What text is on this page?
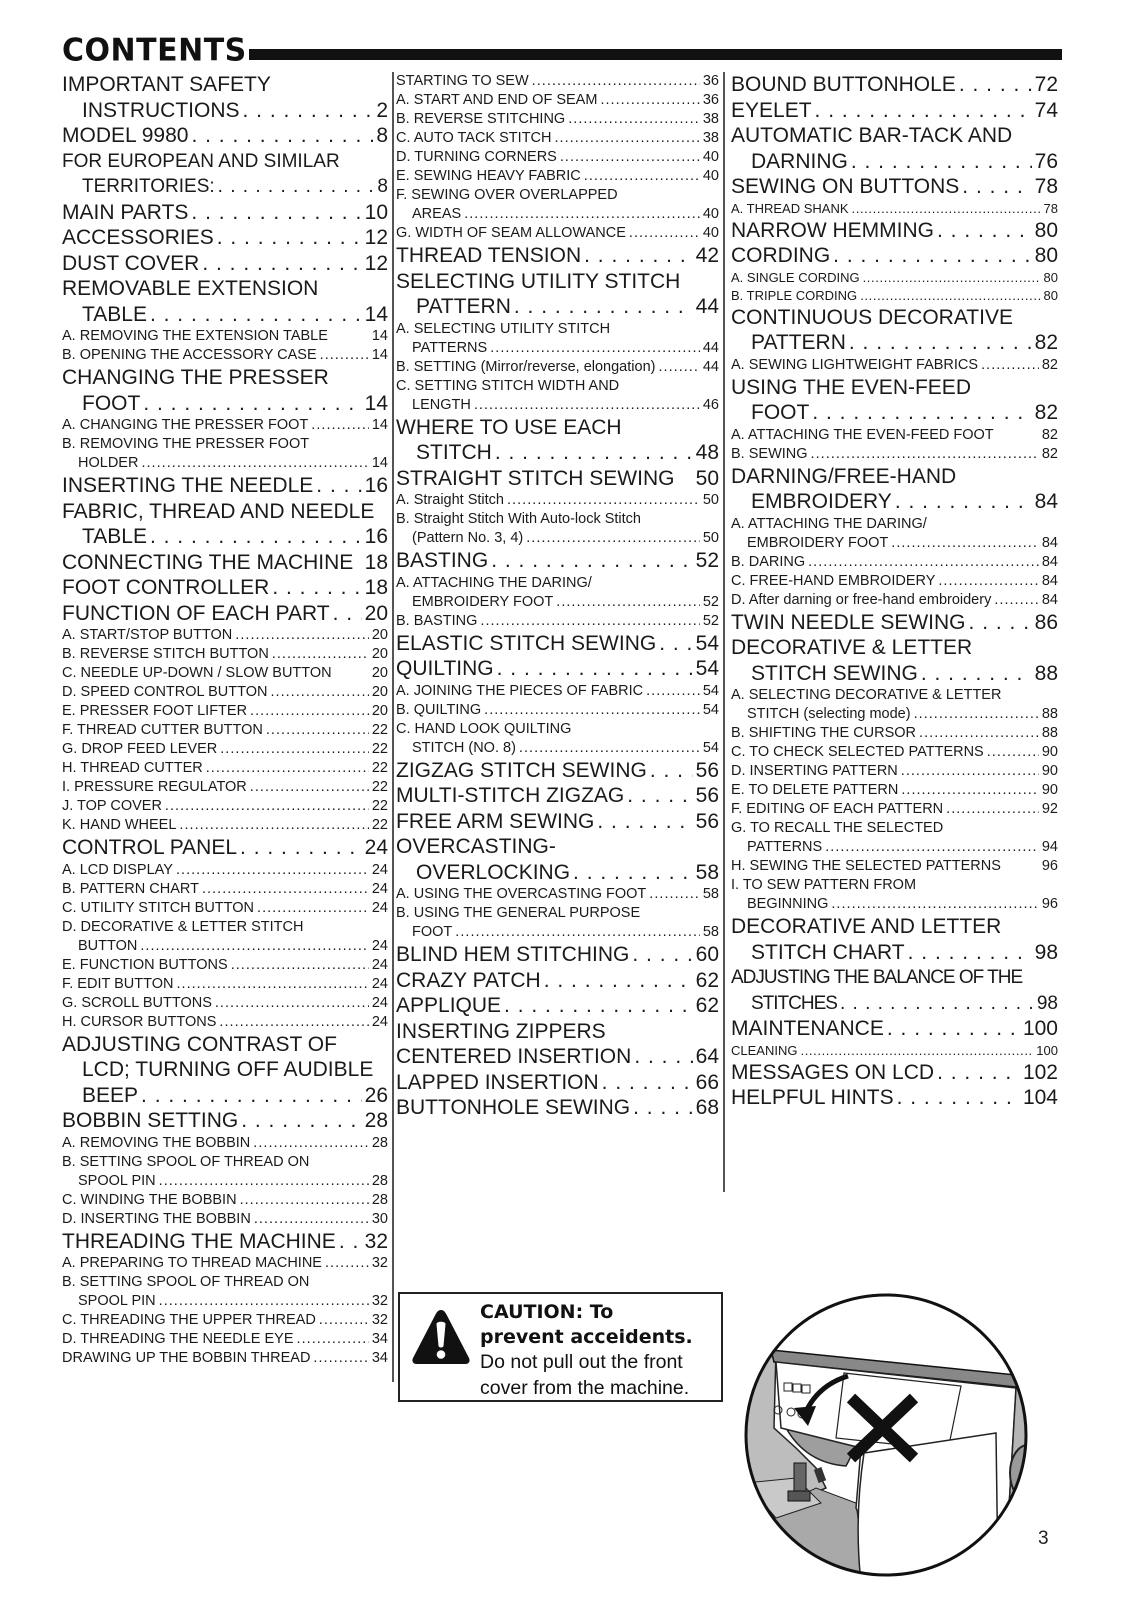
CONTENTS
IMPORTANT SAFETY
INSTRUCTIONS . . .	2
MODEL 9980 . . .	8
FOR EUROPEAN AND SIMILAR
TERRITORIES: . . .	8
MAIN PARTS . . .	10
ACCESSORIES . . .	12
DUST COVER . . .	12
REMOVABLE EXTENSION
TABLE . . .	14
A. REMOVING THE EXTENSION TABLE	14
B. OPENING THE ACCESSORY CASE . . .	14
CHANGING THE PRESSER
FOOT . . .	14
A. CHANGING THE PRESSER FOOT . . .	14
B. REMOVING THE PRESSER FOOT
HOLDER . . .	14
INSERTING THE NEEDLE . . . 16
FABRIC, THREAD AND NEEDLE
TABLE . . .	16
CONNECTING THE MACHINE 18
FOOT CONTROLLER . . .	18
FUNCTION OF EACH PART . . . 20
A. START/STOP BUTTON . . .	20
B. REVERSE STITCH BUTTON . . .	20
C. NEEDLE UP-DOWN / SLOW BUTTON	20
D. SPEED CONTROL BUTTON . . .	20
E. PRESSER FOOT LIFTER . . .	20
F. THREAD CUTTER BUTTON . . .	22
G. DROP FEED LEVER . . .	22
H. THREAD CUTTER . . .	22
I. PRESSURE REGULATOR . . .	22
J. TOP COVER . . .	22
K. HAND WHEEL . . .	22
CONTROL PANEL . . .	24
A. LCD DISPLAY . . .	24
B. PATTERN CHART . . .	24
C. UTILITY STITCH BUTTON . . .	24
D. DECORATIVE & LETTER STITCH
BUTTON . . .	24
E. FUNCTION BUTTONS . . .	24
F. EDIT BUTTON . . .	24
G. SCROLL BUTTONS . . .	24
H. CURSOR BUTTONS . . .	24
ADJUSTING CONTRAST OF
LCD; TURNING OFF AUDIBLE
BEEP . . .	26
BOBBIN SETTING . . .	28
A. REMOVING THE BOBBIN . . .	28
B. SETTING SPOOL OF THREAD ON
SPOOL PIN . . .	28
C. WINDING THE BOBBIN . . .	28
D. INSERTING THE BOBBIN . . .	30
THREADING THE MACHINE . . . 32
A. PREPARING TO THREAD MACHINE . . .	32
B. SETTING SPOOL OF THREAD ON
SPOOL PIN . . .	32
C. THREADING THE UPPER THREAD . . .	32
D. THREADING THE NEEDLE EYE . . .	34
DRAWING UP THE BOBBIN THREAD . . .	34
STARTING TO SEW . . .	36
A. START AND END OF SEAM . . .	36
B. REVERSE STITCHING . . .	38
C. AUTO TACK STITCH . . .	38
D. TURNING CORNERS . . .	40
E. SEWING HEAVY FABRIC . . .	40
F. SEWING OVER OVERLAPPED
AREAS . . .	40
G. WIDTH OF SEAM ALLOWANCE . . .	40
THREAD TENSION . . .	42
SELECTING UTILITY STITCH
PATTERN . . .	44
A. SELECTING UTILITY STITCH
PATTERNS . . .	44
B. SETTING (Mirror/reverse, elongation) . . .	44
C. SETTING STITCH WIDTH AND
LENGTH . . .	46
WHERE TO USE EACH
STITCH . . .	48
STRAIGHT STITCH SEWING 50
A. Straight Stitch . . .	50
B. Straight Stitch With Auto-lock Stitch
(Pattern No. 3, 4) . . .	50
BASTING . . .	52
A. ATTACHING THE DARING/
EMBROIDERY FOOT . . .	52
B. BASTING . . .	52
ELASTIC STITCH SEWING . . . 54
QUILTING . . .	54
A. JOINING THE PIECES OF FABRIC . . .	54
B. QUILTING . . .	54
C. HAND LOOK QUILTING
STITCH (NO. 8) . . .	54
ZIGZAG STITCH SEWING . . . 56
MULTI-STITCH ZIGZAG . . .	56
FREE ARM SEWING . . .	56
OVERCASTING-
OVERLOCKING . . .	58
A. USING THE OVERCASTING FOOT . . .	58
B. USING THE GENERAL PURPOSE
FOOT . . .	58
BLIND HEM STITCHING . . .	60
CRAZY PATCH . . .	62
APPLIQUE . . .	62
INSERTING ZIPPERS
CENTERED INSERTION . . .	64
LAPPED INSERTION . . .	66
BUTTONHOLE SEWING . . .	68
BOUND BUTTONHOLE . . .	72
EYELET . . .	74
AUTOMATIC BAR-TACK AND
DARNING . . .	76
SEWING ON BUTTONS . . .	78
A. THREAD SHANK . . .	78
NARROW HEMMING . . .	80
CORDING . . .	80
A. SINGLE CORDING . . .	80
B. TRIPLE CORDING . . .	80
CONTINUOUS DECORATIVE
PATTERN . . .	82
A. SEWING LIGHTWEIGHT FABRICS . . .	82
USING THE EVEN-FEED
FOOT . . .	82
A. ATTACHING THE EVEN-FEED FOOT	82
B. SEWING . . .	82
DARNING/FREE-HAND
EMBROIDERY . . .	84
A. ATTACHING THE DARING/
EMBROIDERY FOOT . . .	84
B. DARING . . .	84
C. FREE-HAND EMBROIDERY . . .	84
D. After darning or free-hand embroidery . . .	84
TWIN NEEDLE SEWING . . .	86
DECORATIVE & LETTER
STITCH SEWING . . .	88
A. SELECTING DECORATIVE & LETTER
STITCH (selecting mode) . . .	88
B. SHIFTING THE CURSOR . . .	88
C. TO CHECK SELECTED PATTERNS . . .	90
D. INSERTING PATTERN . . .	90
E. TO DELETE PATTERN . . .	90
F. EDITING OF EACH PATTERN . . .	92
G. TO RECALL THE SELECTED
PATTERNS . . .	94
H. SEWING THE SELECTED PATTERNS	96
I. TO SEW PATTERN FROM
BEGINNING . . .	96
DECORATIVE AND LETTER
STITCH CHART . . .	98
ADJUSTING THE BALANCE OF THE
STITCHES . . .	98
MAINTENANCE . . .	100
CLEANING . . .	100
MESSAGES ON LCD . . .	102
HELPFUL HINTS . . .	104
CAUTION: To
prevent acceidents.
Do not pull out the front
cover from the machine.
3
